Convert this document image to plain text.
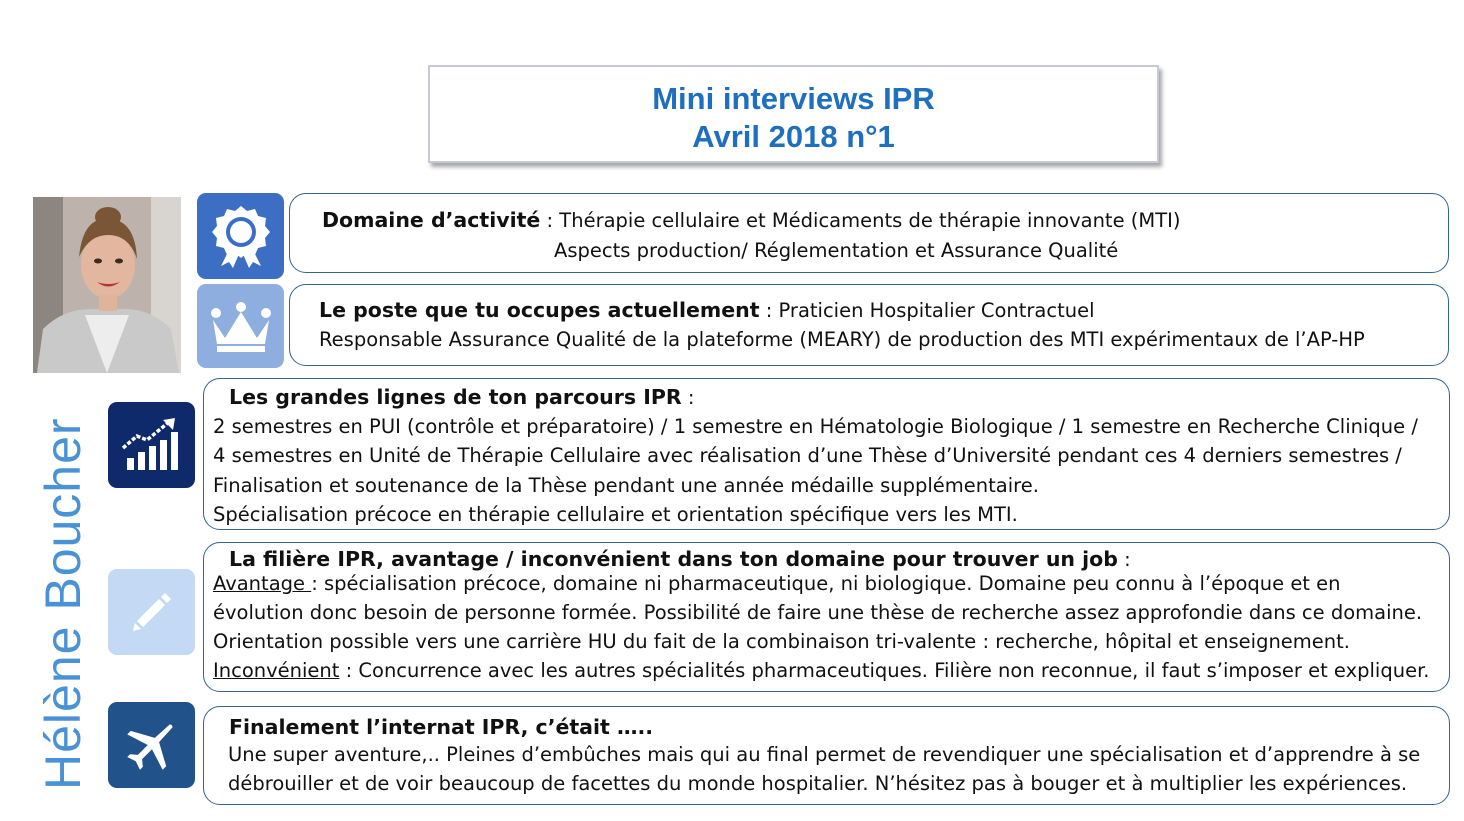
Mini interviews IPR
Avril 2018 n°1
Hélène Boucher
Domaine d’activité : Thérapie cellulaire et Médicaments de thérapie innovante (MTI)
Aspects production/ Réglementation et Assurance Qualité
Le poste que tu occupes actuellement : Praticien Hospitalier Contractuel
Responsable Assurance Qualité de la plateforme (MEARY) de production des MTI expérimentaux de l’AP-HP
Les grandes lignes de ton parcours IPR :
2 semestres en PUI (contrôle et préparatoire) / 1 semestre en Hématologie Biologique / 1 semestre en Recherche Clinique /
4 semestres en Unité de Thérapie Cellulaire avec réalisation d’une Thèse d’Université pendant ces 4 derniers semestres /
Finalisation et soutenance de la Thèse pendant une année médaille supplémentaire.
Spécialisation précoce en thérapie cellulaire et orientation spécifique vers les MTI.
La filière IPR, avantage / inconvénient dans ton domaine pour trouver un job :
Avantage : spécialisation précoce, domaine ni pharmaceutique, ni biologique. Domaine peu connu à l’époque et en
évolution donc besoin de personne formée. Possibilité de faire une thèse de recherche assez approfondie dans ce domaine.
Orientation possible vers une carrière HU du fait de la combinaison tri-valente : recherche, hôpital et enseignement.
Inconvénient : Concurrence avec les autres spécialités pharmaceutiques. Filière non reconnue, il faut s’imposer et expliquer.
Finalement l’internat IPR, c’était …..
Une super aventure,.. Pleines d’embûches mais qui au final permet de revendiquer une spécialisation et d’apprendre à se
débrouiller et de voir beaucoup de facettes du monde hospitalier. N’hésitez pas à bouger et à multiplier les expériences.
